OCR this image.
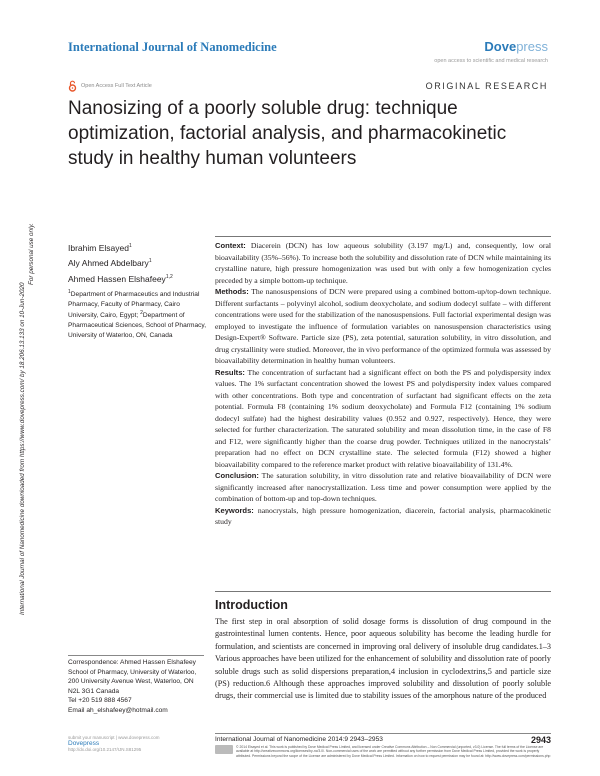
International Journal of Nanomedicine	Dovepress
open access to scientific and medical research
Open Access Full Text Article	ORIGINAL RESEARCH
Nanosizing of a poorly soluble drug: technique optimization, factorial analysis, and pharmacokinetic study in healthy human volunteers
International Journal of Nanomedicine downloaded from https://www.dovepress.com/ by 18.206.13.133 on 10-Jun-2020
For personal use only.	Ibrahim Elsayed$^1$
Aly Ahmed Abdelbary$^1$
Ahmed Hassen Elshafeey$^{1,2}$
$^1$Department of Pharmaceutics and Industrial Pharmacy, Faculty of Pharmacy, Cairo University, Cairo, Egypt; $^2$Department of Pharmaceutical Sciences, School of Pharmacy, University of Waterloo, ON, Canada

Context: Diacerein (DCN) has low aqueous solubility (3.197 mg/L) and, consequently, low oral bioavailability (35%–56%). To increase both the solubility and dissolution rate of DCN while maintaining its crystalline nature, high pressure homogenization was used but with only a few homogenization cycles preceded by a simple bottom-up technique.

Methods: The nanosuspensions of DCN were prepared using a combined bottom-up/top-down technique. Different surfactants – polyvinyl alcohol, sodium deoxycholate, and sodium dodecyl sulfate – with different concentrations were used for the stabilization of the nanosuspensions. Full factorial experimental design was employed to investigate the influence of formulation variables on nanosuspension characteristics using Design-Expert® Software. Particle size (PS), zeta potential, saturation solubility, in vitro dissolution, and drug crystallinity were studied. Moreover, the in vivo performance of the optimized formula was assessed by bioavailability determination in healthy human volunteers.

Results: The concentration of surfactant had a significant effect on both the PS and polydispersity index values. The 1% surfactant concentration showed the lowest PS and polydispersity index values compared with other concentrations. Both type and concentration of surfactant had significant effects on the zeta potential. Formula F8 (containing 1% sodium deoxycholate) and Formula F12 (containing 1% sodium dodecyl sulfate) had the highest desirability values (0.952 and 0.927, respectively). Hence, they were selected for further characterization. The saturated solubility and mean dissolution time, in the case of F8 and F12, were significantly higher than the coarse drug powder. Techniques utilized in the nanocrystals’ preparation had no effect on DCN crystalline state. The selected formula (F12) showed a higher bioavailability compared to the reference market product with relative bioavailability of 131.4%.

Conclusion: The saturation solubility, in vitro dissolution rate and relative bioavailability of DCN were significantly increased after nanocrystallization. Less time and power consumption were applied by the combination of bottom-up and top-down techniques.

Keywords: nanocrystals, high pressure homogenization, diacerein, factorial analysis, pharmacokinetic study

Introduction

The first step in oral absorption of solid dosage forms is dissolution of drug compound in the gastrointestinal lumen contents. Hence, poor aqueous solubility has become the leading hurdle for formulation, and scientists are concerned in improving oral delivery of insoluble drug candidates.1–3 Various approaches have been utilized for the enhancement of solubility and dissolution rate of poorly soluble drugs such as solid dispersions preparation,4 inclusion in cyclodextrins,5 and particle size (PS) reduction.6 Although these approaches improved solubility and dissolution of poorly soluble drugs, their commercial use is limited due to stability issues of the amorphous nature of the produced

Correspondence: Ahmed Hassen Elshafeey
School of Pharmacy, University of Waterloo, 200 University Avenue West, Waterloo, ON N2L 3G1 Canada
Tel +20 519 888 4567
Email ah_elshafeey@hotmail.com
submit your manuscript | www.dovepress.com
Dovepress
http://dx.doi.org/10.2147/IJN.S81295
International Journal of Nanomedicine 2014:9 2943–2953	2943
© 2014 Elsayed et al. This work is published by Dove Medical Press Limited, and licensed under Creative Commons Attribution – Non Commercial (unported, v3.0) License. The full terms of the License are available at http://creativecommons.org/licenses/by-nc/3.0/. Non-commercial uses of the work are permitted without any further permission from Dove Medical Press Limited, provided the work is properly attributed. Permissions beyond the scope of the License are administered by Dove Medical Press Limited. Information on how to request permission may be found at: http://www.dovepress.com/permissions.php
